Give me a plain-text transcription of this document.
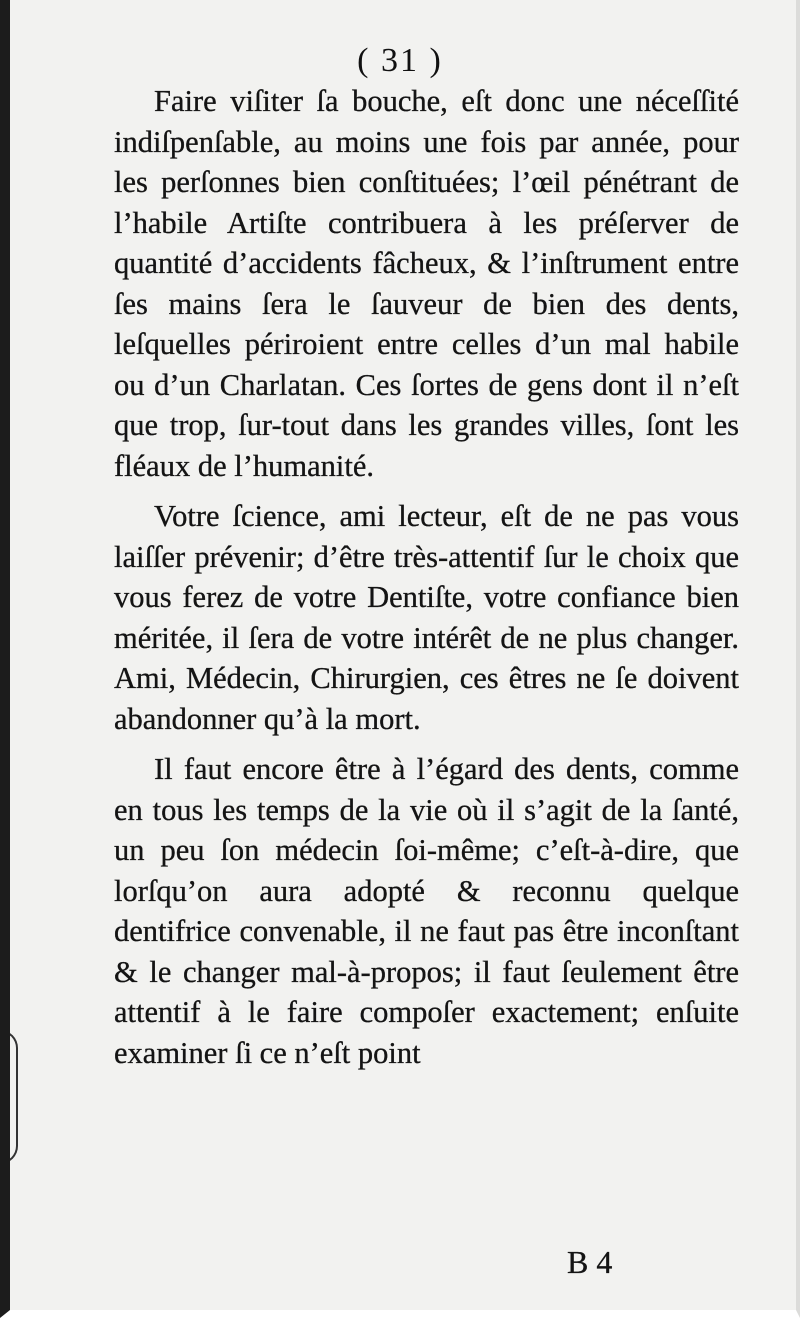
( 31 )

Faire viſiter ſa bouche, eſt donc une néceſſité indiſpenſable, au moins une fois par année, pour les perſonnes bien conſtituées; l’œil pénétrant de l’habile Artiſte contribuera à les préſerver de quantité d’accidents fâcheux, & l’inſtrument entre ſes mains ſera le ſauveur de bien des dents, leſquelles périroient entre celles d’un mal habile ou d’un Charlatan. Ces ſortes de gens dont il n’eſt que trop, ſur-tout dans les grandes villes, ſont les fléaux de l’humanité.

Votre ſcience, ami lecteur, eſt de ne pas vous laiſſer prévenir; d’être très-attentif ſur le choix que vous ferez de votre Dentiſte, votre confiance bien méritée, il ſera de votre intérêt de ne plus changer. Ami, Médecin, Chirurgien, ces êtres ne ſe doivent abandonner qu’à la mort.

Il faut encore être à l’égard des dents, comme en tous les temps de la vie où il s’agit de la ſanté, un peu ſon médecin ſoi-même; c’eſt-à-dire, que lorſqu’on aura adopté & reconnu quelque dentifrice convenable, il ne faut pas être inconſtant & le changer mal-à-propos; il faut ſeulement être attentif à le faire compoſer exactement; enſuite examiner ſi ce n’eſt point

B 4
